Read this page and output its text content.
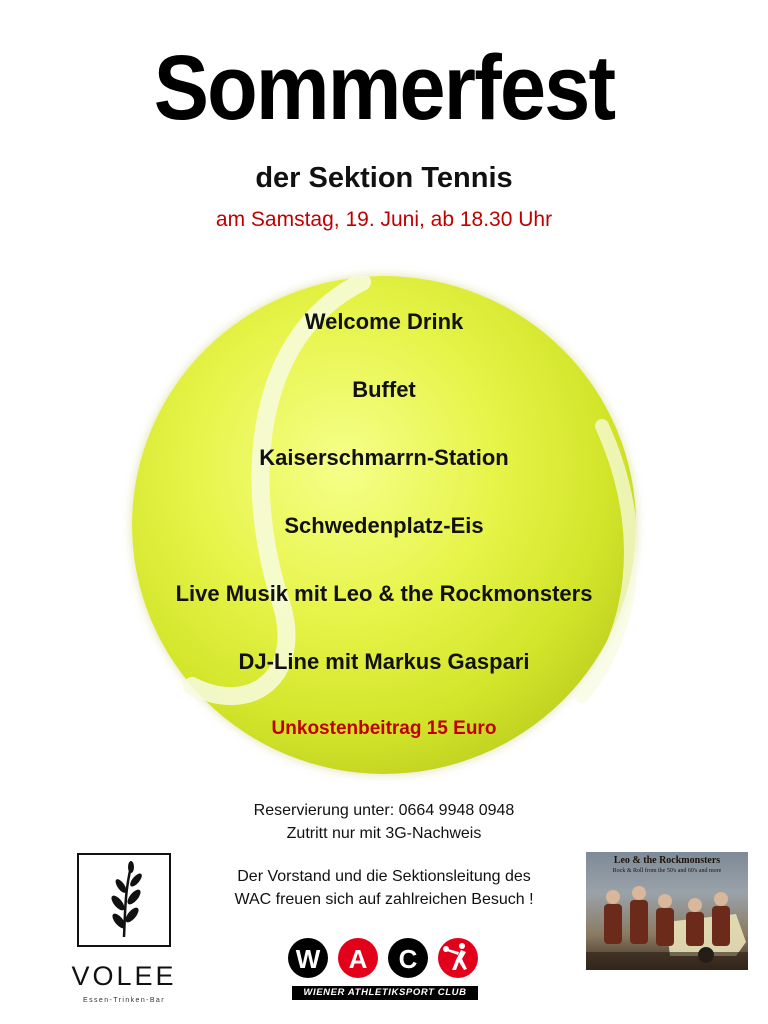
Sommerfest
der Sektion Tennis
am Samstag, 19. Juni, ab 18.30 Uhr
Welcome Drink
Buffet
Kaiserschmarrn-Station
Schwedenplatz-Eis
Live Musik mit Leo & the Rockmonsters
DJ-Line mit Markus Gaspari
Unkostenbeitrag 15 Euro
Reservierung unter: 0664 9948 0948
Zutritt nur mit 3G-Nachweis
Der Vorstand und die Sektionsleitung des
WAC freuen sich auf zahlreichen Besuch !
VOLEE
Essen-Trinken-Bar
W A C
WIENER ATHLETIKSPORT CLUB
Leo & the Rockmonsters
Rock & Roll from the 50's and 60's and more
